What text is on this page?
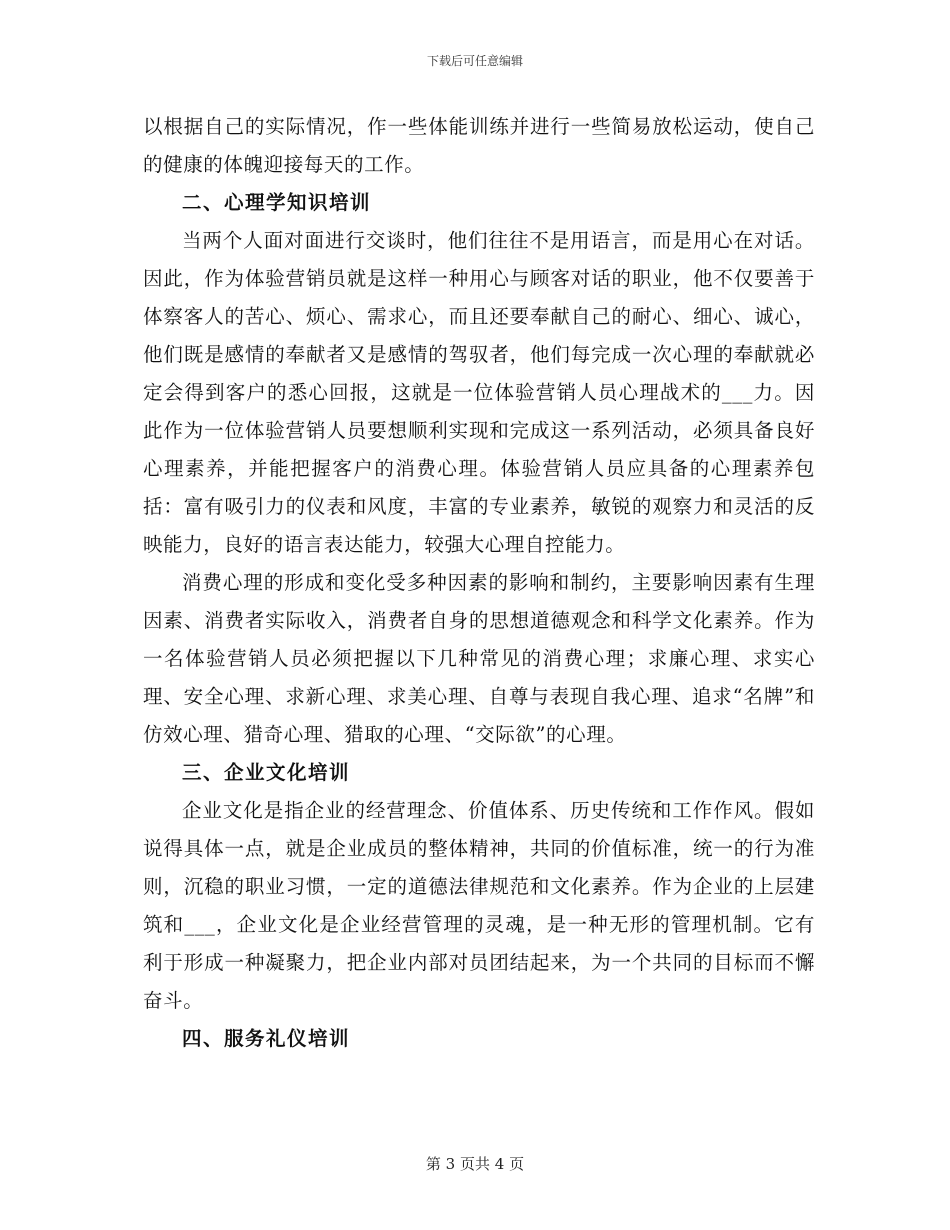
下载后可任意编辑

以根据自己的实际情况，作一些体能训练并进行一些简易放松运动，使自己的健康的体魄迎接每天的工作。

二、心理学知识培训

当两个人面对面进行交谈时，他们往往不是用语言，而是用心在对话。因此，作为体验营销员就是这样一种用心与顾客对话的职业，他不仅要善于体察客人的苦心、烦心、需求心，而且还要奉献自己的耐心、细心、诚心，他们既是感情的奉献者又是感情的驾驭者，他们每完成一次心理的奉献就必定会得到客户的悉心回报，这就是一位体验营销人员心理战术的___力。因此作为一位体验营销人员要想顺利实现和完成这一系列活动，必须具备良好心理素养，并能把握客户的消费心理。体验营销人员应具备的心理素养包括：富有吸引力的仪表和风度，丰富的专业素养，敏锐的观察力和灵活的反映能力，良好的语言表达能力，较强大心理自控能力。

消费心理的形成和变化受多种因素的影响和制约，主要影响因素有生理因素、消费者实际收入，消费者自身的思想道德观念和科学文化素养。作为一名体验营销人员必须把握以下几种常见的消费心理；求廉心理、求实心理、安全心理、求新心理、求美心理、自尊与表现自我心理、追求“名牌”和仿效心理、猎奇心理、猎取的心理、“交际欲”的心理。

三、企业文化培训

企业文化是指企业的经营理念、价值体系、历史传统和工作作风。假如说得具体一点，就是企业成员的整体精神，共同的价值标准，统一的行为准则，沉稳的职业习惯，一定的道德法律规范和文化素养。作为企业的上层建筑和___，企业文化是企业经营管理的灵魂，是一种无形的管理机制。它有利于形成一种凝聚力，把企业内部对员团结起来，为一个共同的目标而不懈奋斗。

四、服务礼仪培训

第 3 页共 4 页
